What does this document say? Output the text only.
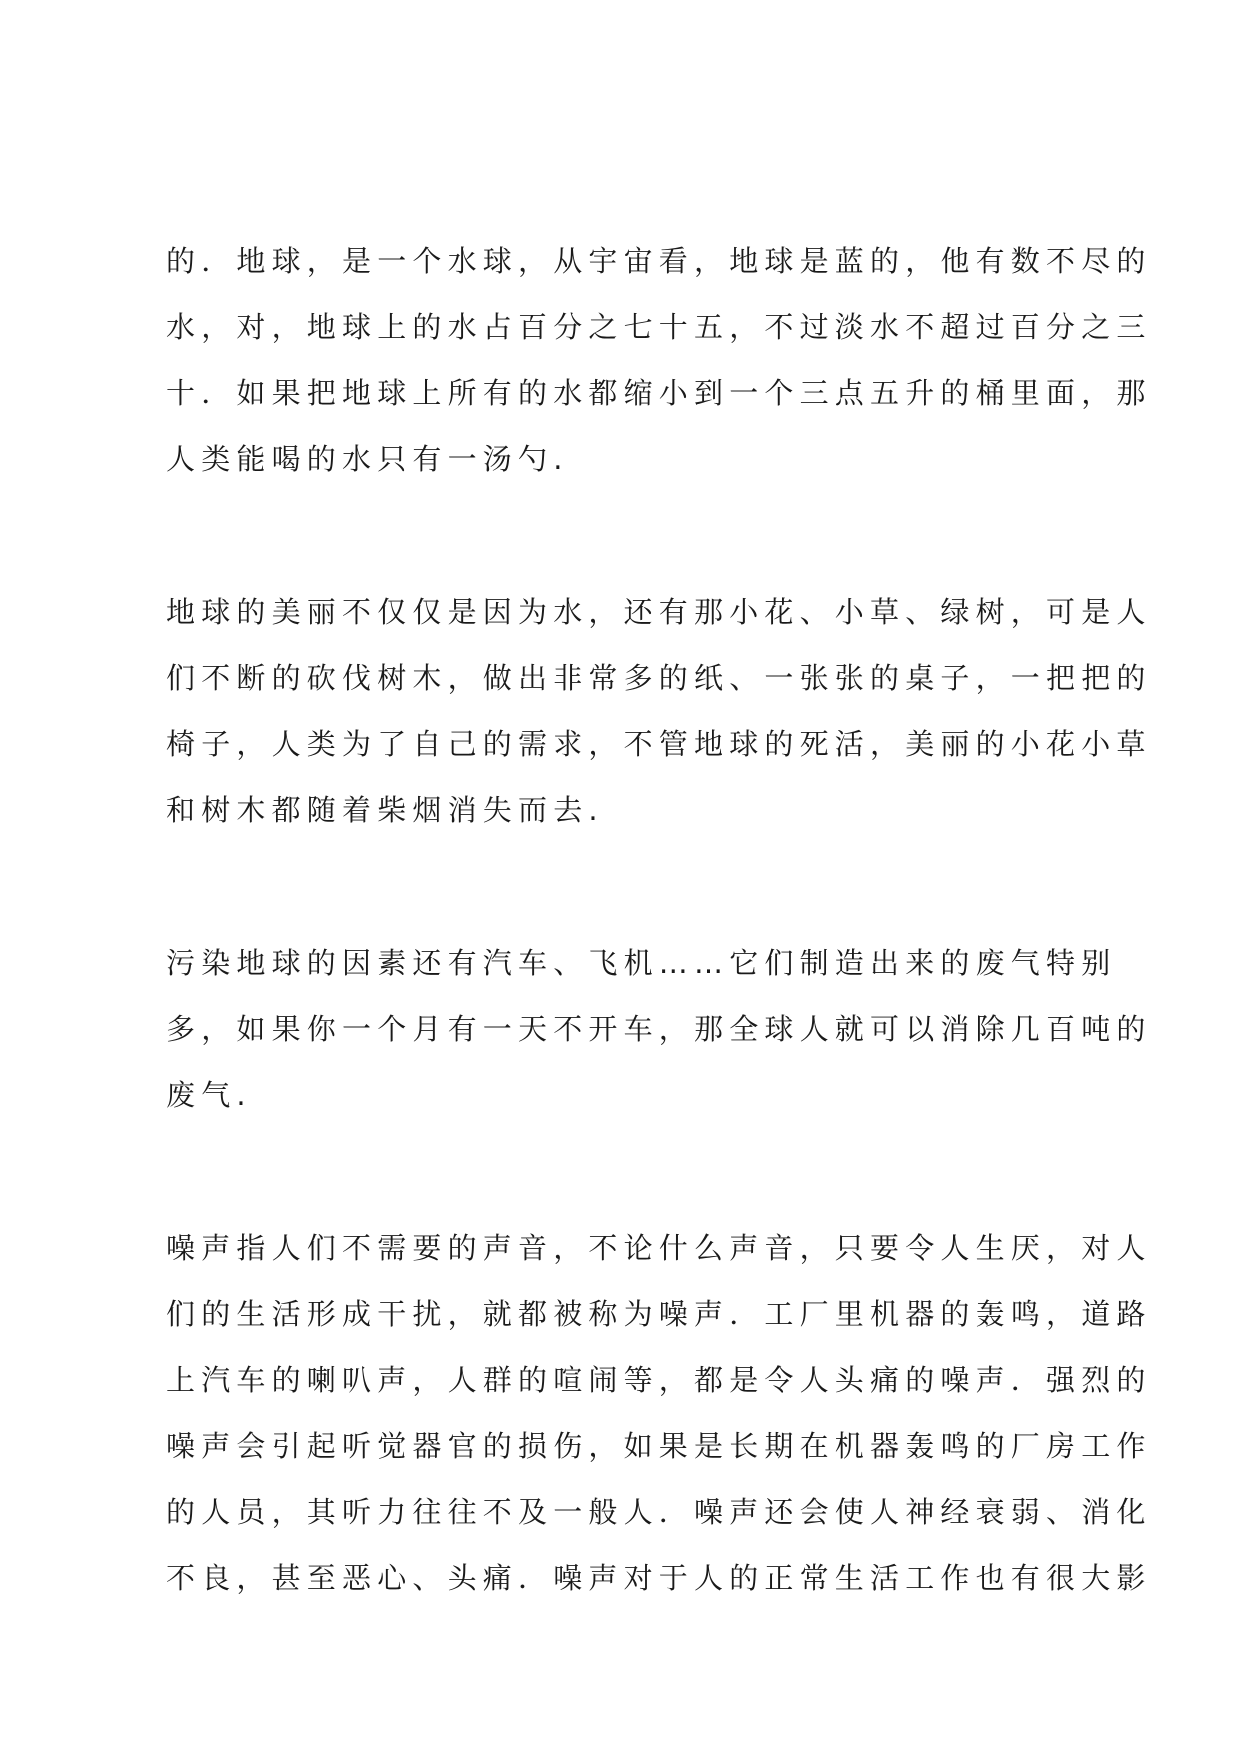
的．地球，是一个水球，从宇宙看，地球是蓝的，他有数不尽的
水，对，地球上的水占百分之七十五，不过淡水不超过百分之三
十．如果把地球上所有的水都缩小到一个三点五升的桶里面，那
人类能喝的水只有一汤勺.

地球的美丽不仅仅是因为水，还有那小花、小草、绿树，可是人
们不断的砍伐树木，做出非常多的纸、一张张的桌子，一把把的
椅子，人类为了自己的需求，不管地球的死活，美丽的小花小草
和树木都随着柴烟消失而去.

污染地球的因素还有汽车、飞机……它们制造出来的废气特别
多，如果你一个月有一天不开车，那全球人就可以消除几百吨的
废气.

噪声指人们不需要的声音，不论什么声音，只要令人生厌，对人
们的生活形成干扰，就都被称为噪声．工厂里机器的轰鸣，道路
上汽车的喇叭声，人群的喧闹等，都是令人头痛的噪声．强烈的
噪声会引起听觉器官的损伤，如果是长期在机器轰鸣的厂房工作
的人员，其听力往往不及一般人．噪声还会使人神经衰弱、消化
不良，甚至恶心、头痛．噪声对于人的正常生活工作也有很大影
